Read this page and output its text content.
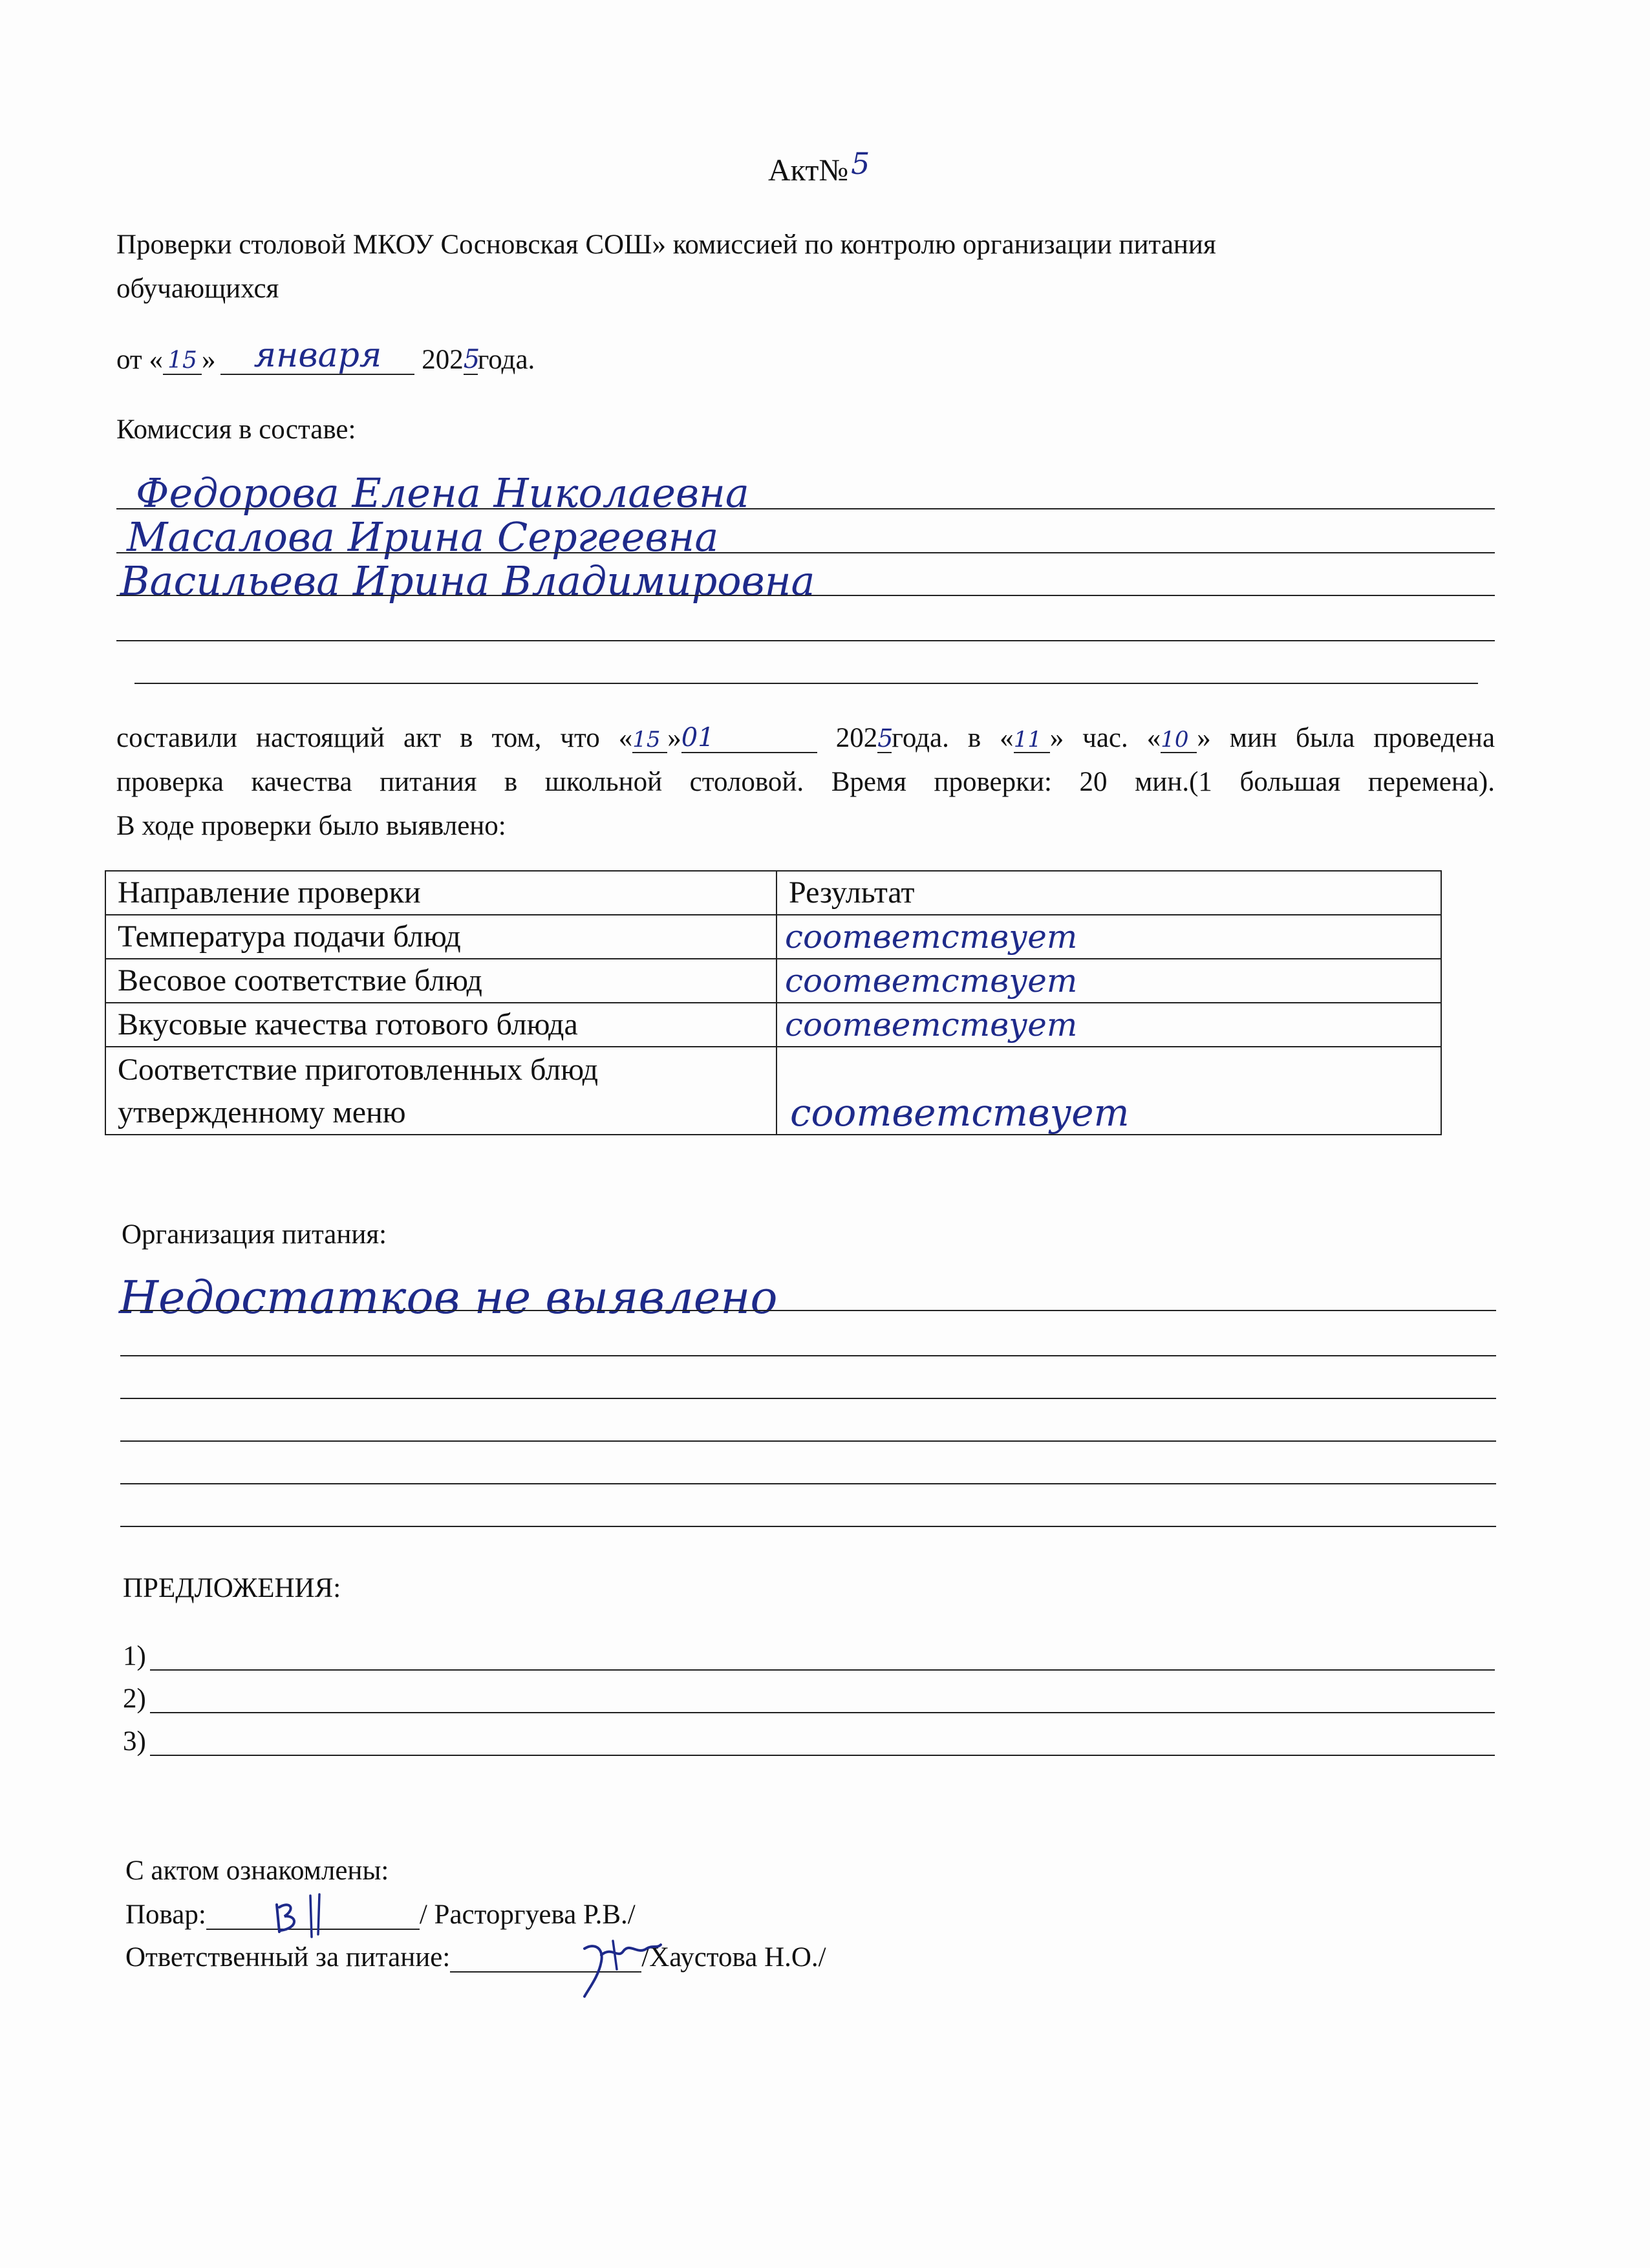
Акт№5
Проверки столовой МКОУ Сосновская СОШ» комиссией по контролю организации питания
обучающихся
от « 15 »	января	202 5
года.
Комиссия в составе:
Федорова Елена Николаевна
Масалова Ирина Сергеевна
Васильева Ирина Владимировна
составили настоящий акт в том, что « 15 » 01	202 5
года. в « 11 » час. « 10 » мин была проведена
проверка качества питания в школьной столовой. Время проверки: 20 мин.(1 большая перемена).
В ходе проверки было выявлено:
Направление проверки	Результат
Температура подачи блюд	соответствует

Весовое соответствие блюд	соответствует

Вкусовые качества готового блюда	соответствует

Соответствие приготовленных блюд
утвержденному меню	соответствует
Организация питания:
Недостатков не выявлено
ПРЕДЛОЖЕНИЯ:
1)
2)
3)
С актом ознакомлены:
Повар:	/ Расторгуева Р.В./
Ответственный за питание:	/Хаустова Н.О./
